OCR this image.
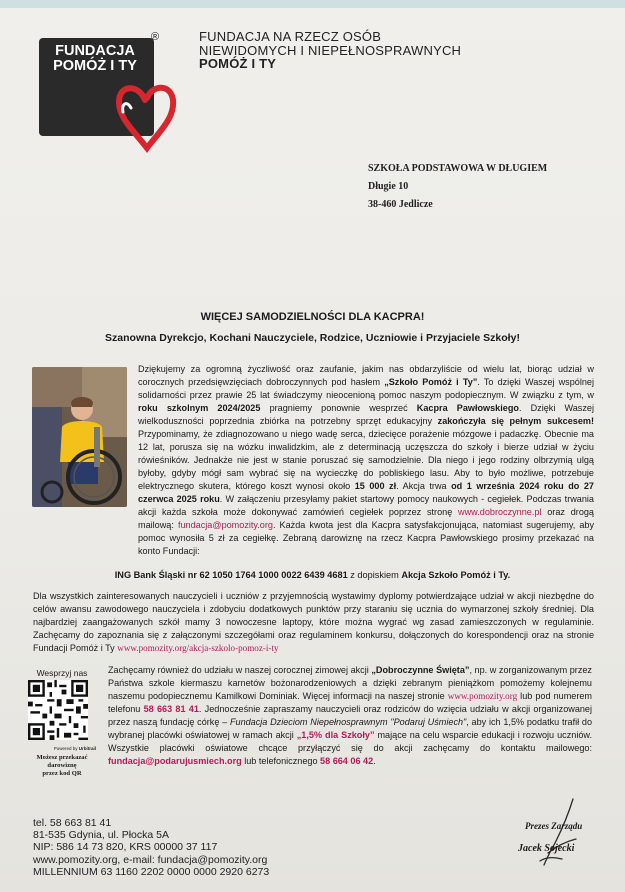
FUNDACJA
POMÓŻ I TY
®	FUNDACJA NA RZECZ OSÓB
NIEWIDOMYCH I NIEPEŁNOSPRAWNYCH
POMÓŻ I TY
SZKOŁA PODSTAWOWA W DŁUGIEM
Długie 10
38-460 Jedlicze
WIĘCEJ SAMODZIELNOŚCI DLA KACPRA!
Szanowna Dyrekcjo, Kochani Nauczyciele, Rodzice, Uczniowie i Przyjaciele Szkoły!
Dziękujemy za ogromną życzliwość oraz zaufanie, jakim nas obdarzyliście od wielu lat, biorąc udział w corocznych przedsięwzięciach dobroczynnych pod hasłem „Szkoło Pomóż i Ty”. To dzięki Waszej wspólnej solidarności przez prawie 25 lat świadczymy nieocenioną pomoc naszym podopiecznym. W związku z tym, w roku szkolnym 2024/2025 pragniemy ponownie wesprzeć Kacpra Pawłowskiego. Dzięki Waszej wielkoduszności poprzednia zbiórka na potrzebny sprzęt edukacyjny zakończyła się pełnym sukcesem! Przypominamy, że zdiagnozowano u niego wadę serca, dziecięce porażenie mózgowe i padaczkę. Obecnie ma 12 lat, porusza się na wózku inwalidzkim, ale z determinacją uczęszcza do szkoły i bierze udział w życiu rówieśników. Jednakże nie jest w stanie poruszać się samodzielnie. Dla niego i jego rodziny olbrzymią ulgą byłoby, gdyby mógł sam wybrać się na wycieczkę do pobliskiego lasu. Aby to było możliwe, potrzebuje elektrycznego skutera, którego koszt wynosi około 15 000 zł. Akcja trwa od 1 września 2024 roku do 27 czerwca 2025 roku. W załączeniu przesyłamy pakiet startowy pomocy naukowych - cegiełek. Podczas trwania akcji każda szkoła może dokonywać zamówień cegiełek poprzez stronę www.dobroczynne.pl oraz drogą mailową: fundacja@pomozity.org. Każda kwota jest dla Kacpra satysfakcjonująca, natomiast sugerujemy, aby pomoc wynosiła 5 zł za cegiełkę. Zebraną darowiznę na rzecz Kacpra Pawłowskiego prosimy przekazać na konto Fundacji:
ING Bank Śląski nr 62 1050 1764 1000 0022 6439 4681 z dopiskiem Akcja Szkoło Pomóż i Ty.
Dla wszystkich zainteresowanych nauczycieli i uczniów z przyjemnością wystawimy dyplomy potwierdzające udział w akcji niezbędne do celów awansu zawodowego nauczyciela i zdobyciu dodatkowych punktów przy staraniu się ucznia do wymarzonej szkoły średniej. Dla najbardziej zaangażowanych szkół mamy 3 nowoczesne laptopy, które można wygrać wg zasad zamieszczonych w regulaminie. Zachęcamy do zapoznania się z załączonymi szczegółami oraz regulaminem konkursu, dołączonych do korespondencji oraz na stronie Fundacji Pomóż i Ty www.pomozity.org/akcja-szkolo-pomoz-i-ty
Wesprzyj nas
Powered by Urbitrail
Możesz przekazać
darowiznę
przez kod QR
Zachęcamy również do udziału w naszej corocznej zimowej akcji „Dobroczynne Święta”, np. w zorganizowanym przez Państwa szkole kiermaszu karnetów bożonarodzeniowych a dzięki zebranym pieniążkom pomożemy kolejnemu naszemu podopiecznemu Kamilkowi Dominiak. Więcej informacji na naszej stronie www.pomozity.org lub pod numerem telefonu 58 663 81 41. Jednocześnie zapraszamy nauczycieli oraz rodziców do wzięcia udziału w akcji organizowanej przez naszą fundację córkę – Fundacja Dzieciom Niepełnosprawnym "Podaruj Uśmiech", aby ich 1,5% podatku trafił do wybranej placówki oświatowej w ramach akcji „1,5% dla Szkoły” mające na celu wsparcie edukacji i rozwoju uczniów. Wszystkie placówki oświatowe chcące przyłączyć się do akcji zachęcamy do kontaktu mailowego: fundacja@podarujusmiech.org lub telefonicznego 58 664 06 42.
tel. 58 663 81 41
81-535 Gdynia, ul. Płocka 5A
NIP: 586 14 73 820, KRS 00000 37 117
www.pomozity.org, e-mail: fundacja@pomozity.org
MILLENNIUM 63 1160 2202 0000 0000 2920 6273
Prezes Zarządu
Jacek Sojecki
